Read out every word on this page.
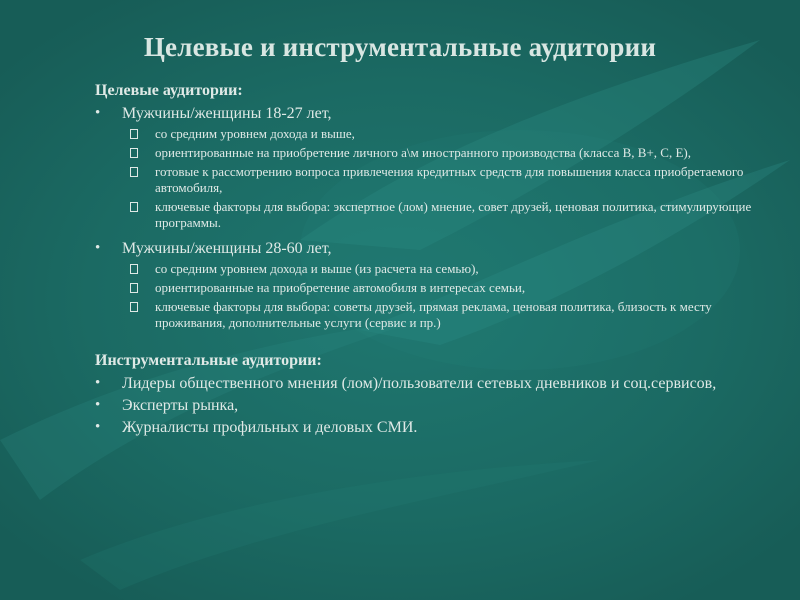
Целевые и инструментальные аудитории

Целевые аудитории:

• Мужчины/женщины 18-27 лет,
со средним уровнем дохода и выше,
ориентированные на приобретение личного а\м иностранного производства (класса B, B+, C, E),
готовые к рассмотрению вопроса привлечения кредитных средств для повышения класса приобретаемого автомобиля,
ключевые факторы для выбора: экспертное (лом) мнение, совет друзей, ценовая политика, стимулирующие программы.
• Мужчины/женщины 28-60 лет,
со средним уровнем дохода и выше (из расчета на семью),
ориентированные на приобретение автомобиля в интересах семьи,
ключевые факторы для выбора: советы друзей, прямая реклама, ценовая политика, близость к месту проживания, дополнительные услуги (сервис и пр.)

Инструментальные аудитории:

• Лидеры общественного мнения (лом)/пользователи сетевых дневников и соц.сервисов,
• Эксперты рынка,
• Журналисты профильных и деловых СМИ.
